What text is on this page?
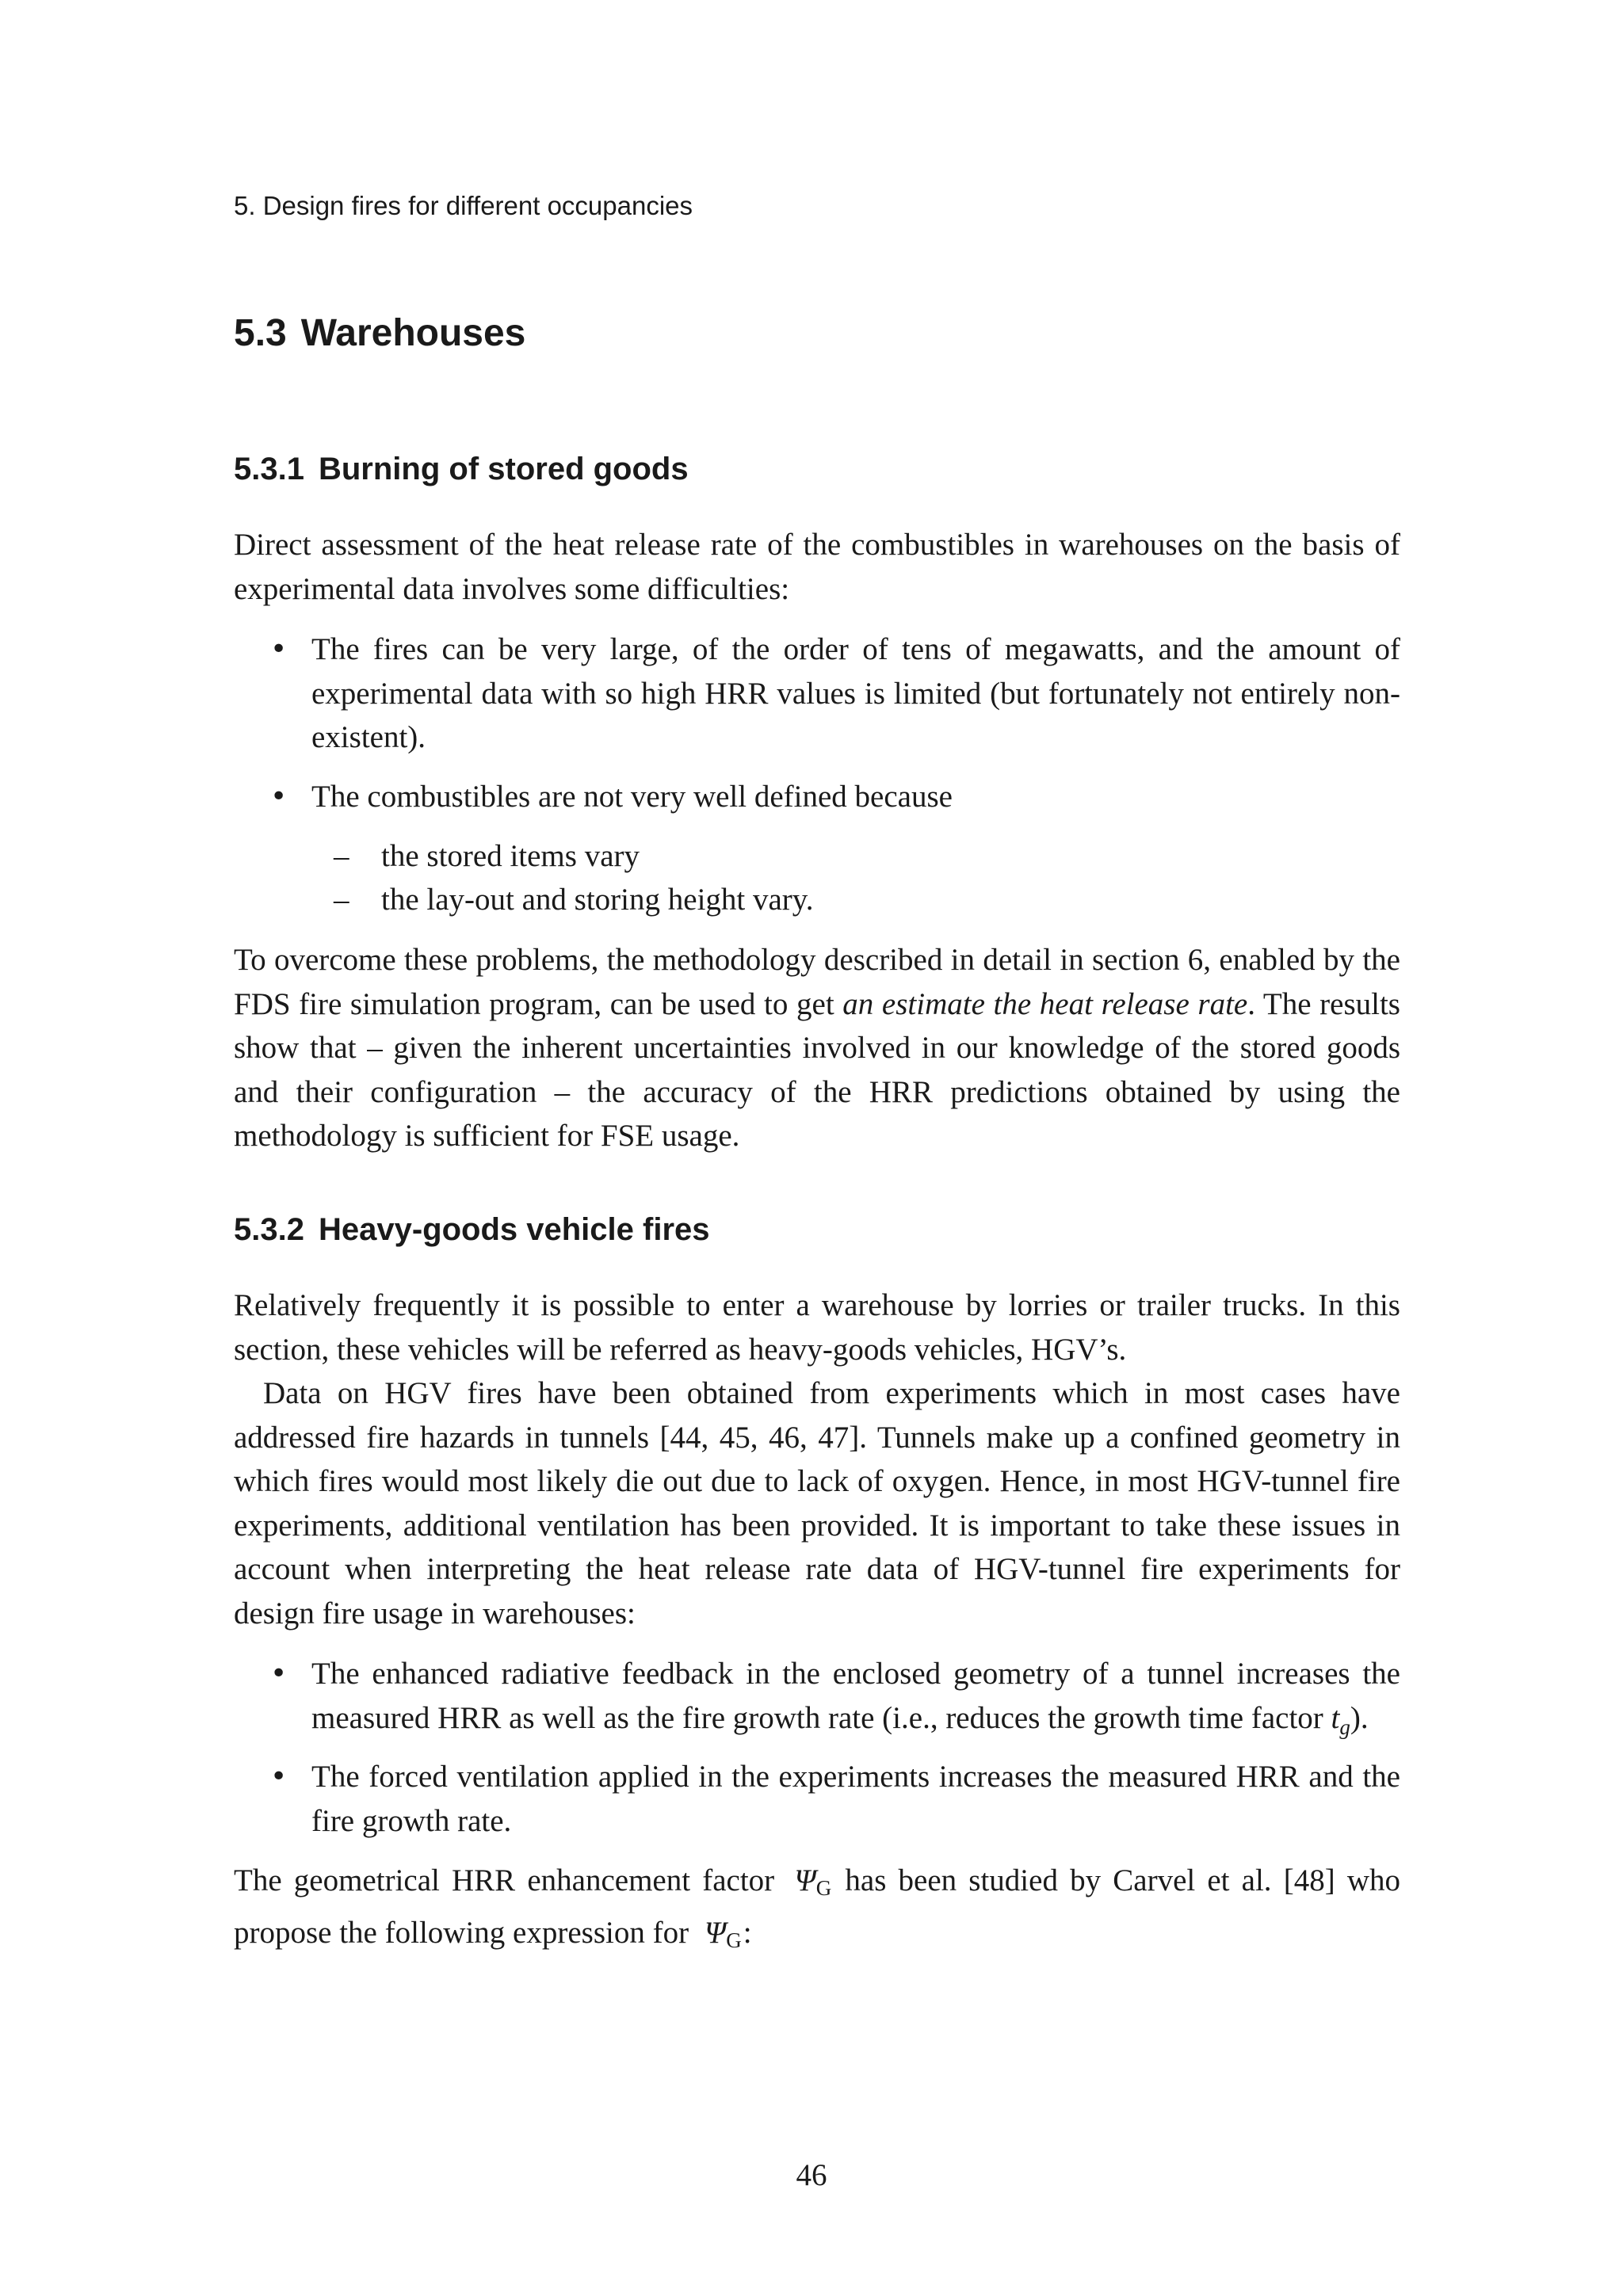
5. Design fires for different occupancies
5.3 Warehouses
5.3.1 Burning of stored goods
Direct assessment of the heat release rate of the combustibles in warehouses on the basis of experimental data involves some difficulties:
• The fires can be very large, of the order of tens of megawatts, and the amount of experimental data with so high HRR values is limited (but fortunately not entirely non-existent).
• The combustibles are not very well defined because
– the stored items vary
– the lay-out and storing height vary.
To overcome these problems, the methodology described in detail in section 6, enabled by the FDS fire simulation program, can be used to get an estimate the heat release rate. The results show that – given the inherent uncertainties involved in our knowledge of the stored goods and their configuration – the accuracy of the HRR predictions obtained by using the methodology is sufficient for FSE usage.
5.3.2 Heavy-goods vehicle fires
Relatively frequently it is possible to enter a warehouse by lorries or trailer trucks. In this section, these vehicles will be referred as heavy-goods vehicles, HGV’s.
Data on HGV fires have been obtained from experiments which in most cases have addressed fire hazards in tunnels [44, 45, 46, 47]. Tunnels make up a confined geometry in which fires would most likely die out due to lack of oxygen. Hence, in most HGV-tunnel fire experiments, additional ventilation has been provided. It is important to take these issues in account when interpreting the heat release rate data of HGV-tunnel fire experiments for design fire usage in warehouses:
• The enhanced radiative feedback in the enclosed geometry of a tunnel increases the measured HRR as well as the fire growth rate (i.e., reduces the growth time factor $t_g$).
• The forced ventilation applied in the experiments increases the measured HRR and the fire growth rate.
The geometrical HRR enhancement factor ΨG has been studied by Carvel et al. [48] who propose the following expression for ΨG:
46
